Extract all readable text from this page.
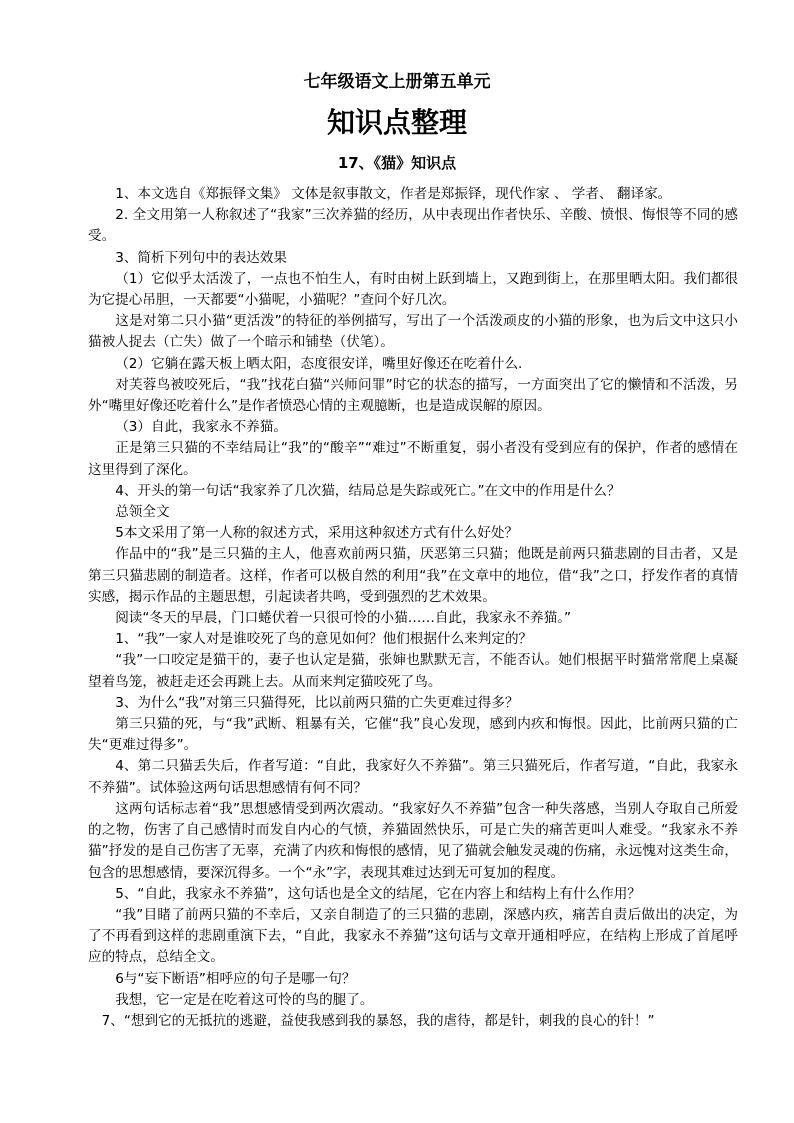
七年级语文上册第五单元
知识点整理
17、《猫》知识点

1、本文选自《郑振铎文集》 文体是叙事散文，作者是郑振铎，现代作家 、 学者、 翻译家。

2. 全文用第一人称叙述了“我家”三次养猫的经历，从中表现出作者快乐、辛酸、愤恨、悔恨等不同的感受。

3、简析下列句中的表达效果

（1）它似乎太活泼了，一点也不怕生人，有时由树上跃到墙上，又跑到街上，在那里晒太阳。我们都很为它提心吊胆，一天都要“小猫呢，小猫呢？”查问个好几次。

这是对第二只小猫“更活泼”的特征的举例描写，写出了一个活泼顽皮的小猫的形象，也为后文中这只小猫被人捉去（亡失）做了一个暗示和铺垫（伏笔）。

（2）它躺在露天板上晒太阳，态度很安详，嘴里好像还在吃着什么.

对芙蓉鸟被咬死后，“我”找花白猫“兴师问罪”时它的状态的描写，一方面突出了它的懒情和不活泼，另外“嘴里好像还吃着什么”是作者愤恐心情的主观臆断，也是造成误解的原因。

（3）自此，我家永不养猫。

正是第三只猫的不幸结局让“我”的“酸辛”“难过”不断重复，弱小者没有受到应有的保护，作者的感情在这里得到了深化。

4、开头的第一句话“我家养了几次猫，结局总是失踪或死亡。”在文中的作用是什么？

总领全文

5本文采用了第一人称的叙述方式，采用这种叙述方式有什么好处？

作品中的“我”是三只猫的主人，他喜欢前两只猫，厌恶第三只猫；他既是前两只猫悲剧的目击者，又是第三只猫悲剧的制造者。这样，作者可以极自然的利用“我”在文章中的地位，借“我”之口，抒发作者的真情实感，揭示作品的主题思想，引起读者共鸣，受到强烈的艺术效果。

阅读“冬天的早晨，门口蜷伏着一只很可怜的小猫……自此，我家永不养猫。”

1、“我”一家人对是谁咬死了鸟的意见如何？他们根据什么来判定的？

“我”一口咬定是猫干的，妻子也认定是猫，张婶也默默无言，不能否认。她们根据平时猫常常爬上桌凝望着鸟笼，被赶走还会再跳上去。从而来判定猫咬死了鸟。

3、为什么“我”对第三只猫得死，比以前两只猫的亡失更难过得多？

第三只猫的死，与“我”武断、粗暴有关，它催“我”良心发现，感到内疚和悔恨。因此，比前两只猫的亡失“更难过得多”。

4、第二只猫丢失后，作者写道：“自此，我家好久不养猫”。第三只猫死后，作者写道，“自此，我家永不养猫”。试体验这两句话思想感情有何不同？

这两句话标志着“我”思想感情受到两次震动。“我家好久不养猫”包含一种失落感，当别人夺取自己所爱的之物，伤害了自己感情时而发自内心的气愤，养猫固然快乐，可是亡失的痛苦更叫人难受。“我家永不养猫”抒发的是自己伤害了无辜，充满了内疚和悔恨的感情，见了猫就会触发灵魂的伤痛，永远愧对这类生命，包含的思想感情，要深沉得多。一个“永”字，表现其难过达到无可复加的程度。

5、“自此，我家永不养猫”，这句话也是全文的结尾，它在内容上和结构上有什么作用？

“我”目睹了前两只猫的不幸后，又亲自制造了的三只猫的悲剧，深感内疚，痛苦自责后做出的决定，为了不再看到这样的悲剧重演下去，“自此，我家永不养猫”这句话与文章开通相呼应，在结构上形成了首尾呼应的特点，总结全文。

6与“妄下断语”相呼应的句子是哪一句？

我想，它一定是在吃着这可怜的鸟的腿了。

7、“想到它的无抵抗的逃避，益使我感到我的暴怒，我的虐待，都是针，刺我的良心的针！”
